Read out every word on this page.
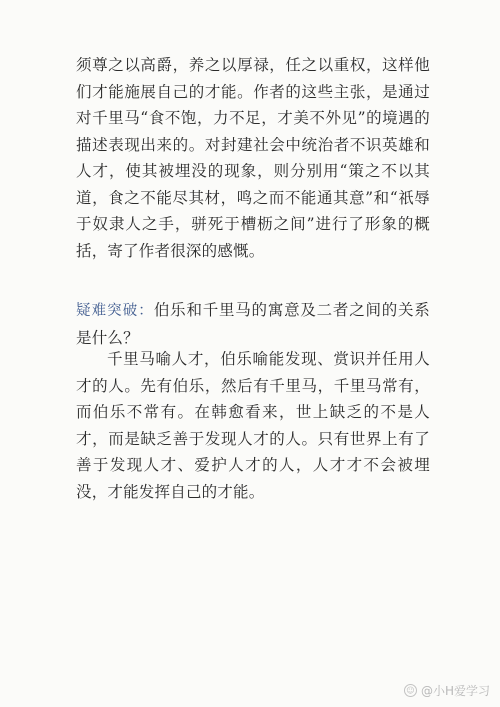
须尊之以高爵，养之以厚禄，任之以重权，这样他们才能施展自己的才能。作者的这些主张，是通过对千里马“食不饱，力不足，才美不外见”的境遇的描述表现出来的。对封建社会中统治者不识英雄和人才，使其被埋没的现象，则分别用“策之不以其道，食之不能尽其材，鸣之而不能通其意”和“祇辱于奴隶人之手，骈死于槽枥之间”进行了形象的概括，寄了作者很深的感慨。

疑难突破：伯乐和千里马的寓意及二者之间的关系是什么？

千里马喻人才，伯乐喻能发现、赏识并任用人才的人。先有伯乐，然后有千里马，千里马常有，而伯乐不常有。在韩愈看来，世上缺乏的不是人才，而是缺乏善于发现人才的人。只有世界上有了善于发现人才、爱护人才的人，人才才不会被埋没，才能发挥自己的才能。

☺ @小H爱学习
